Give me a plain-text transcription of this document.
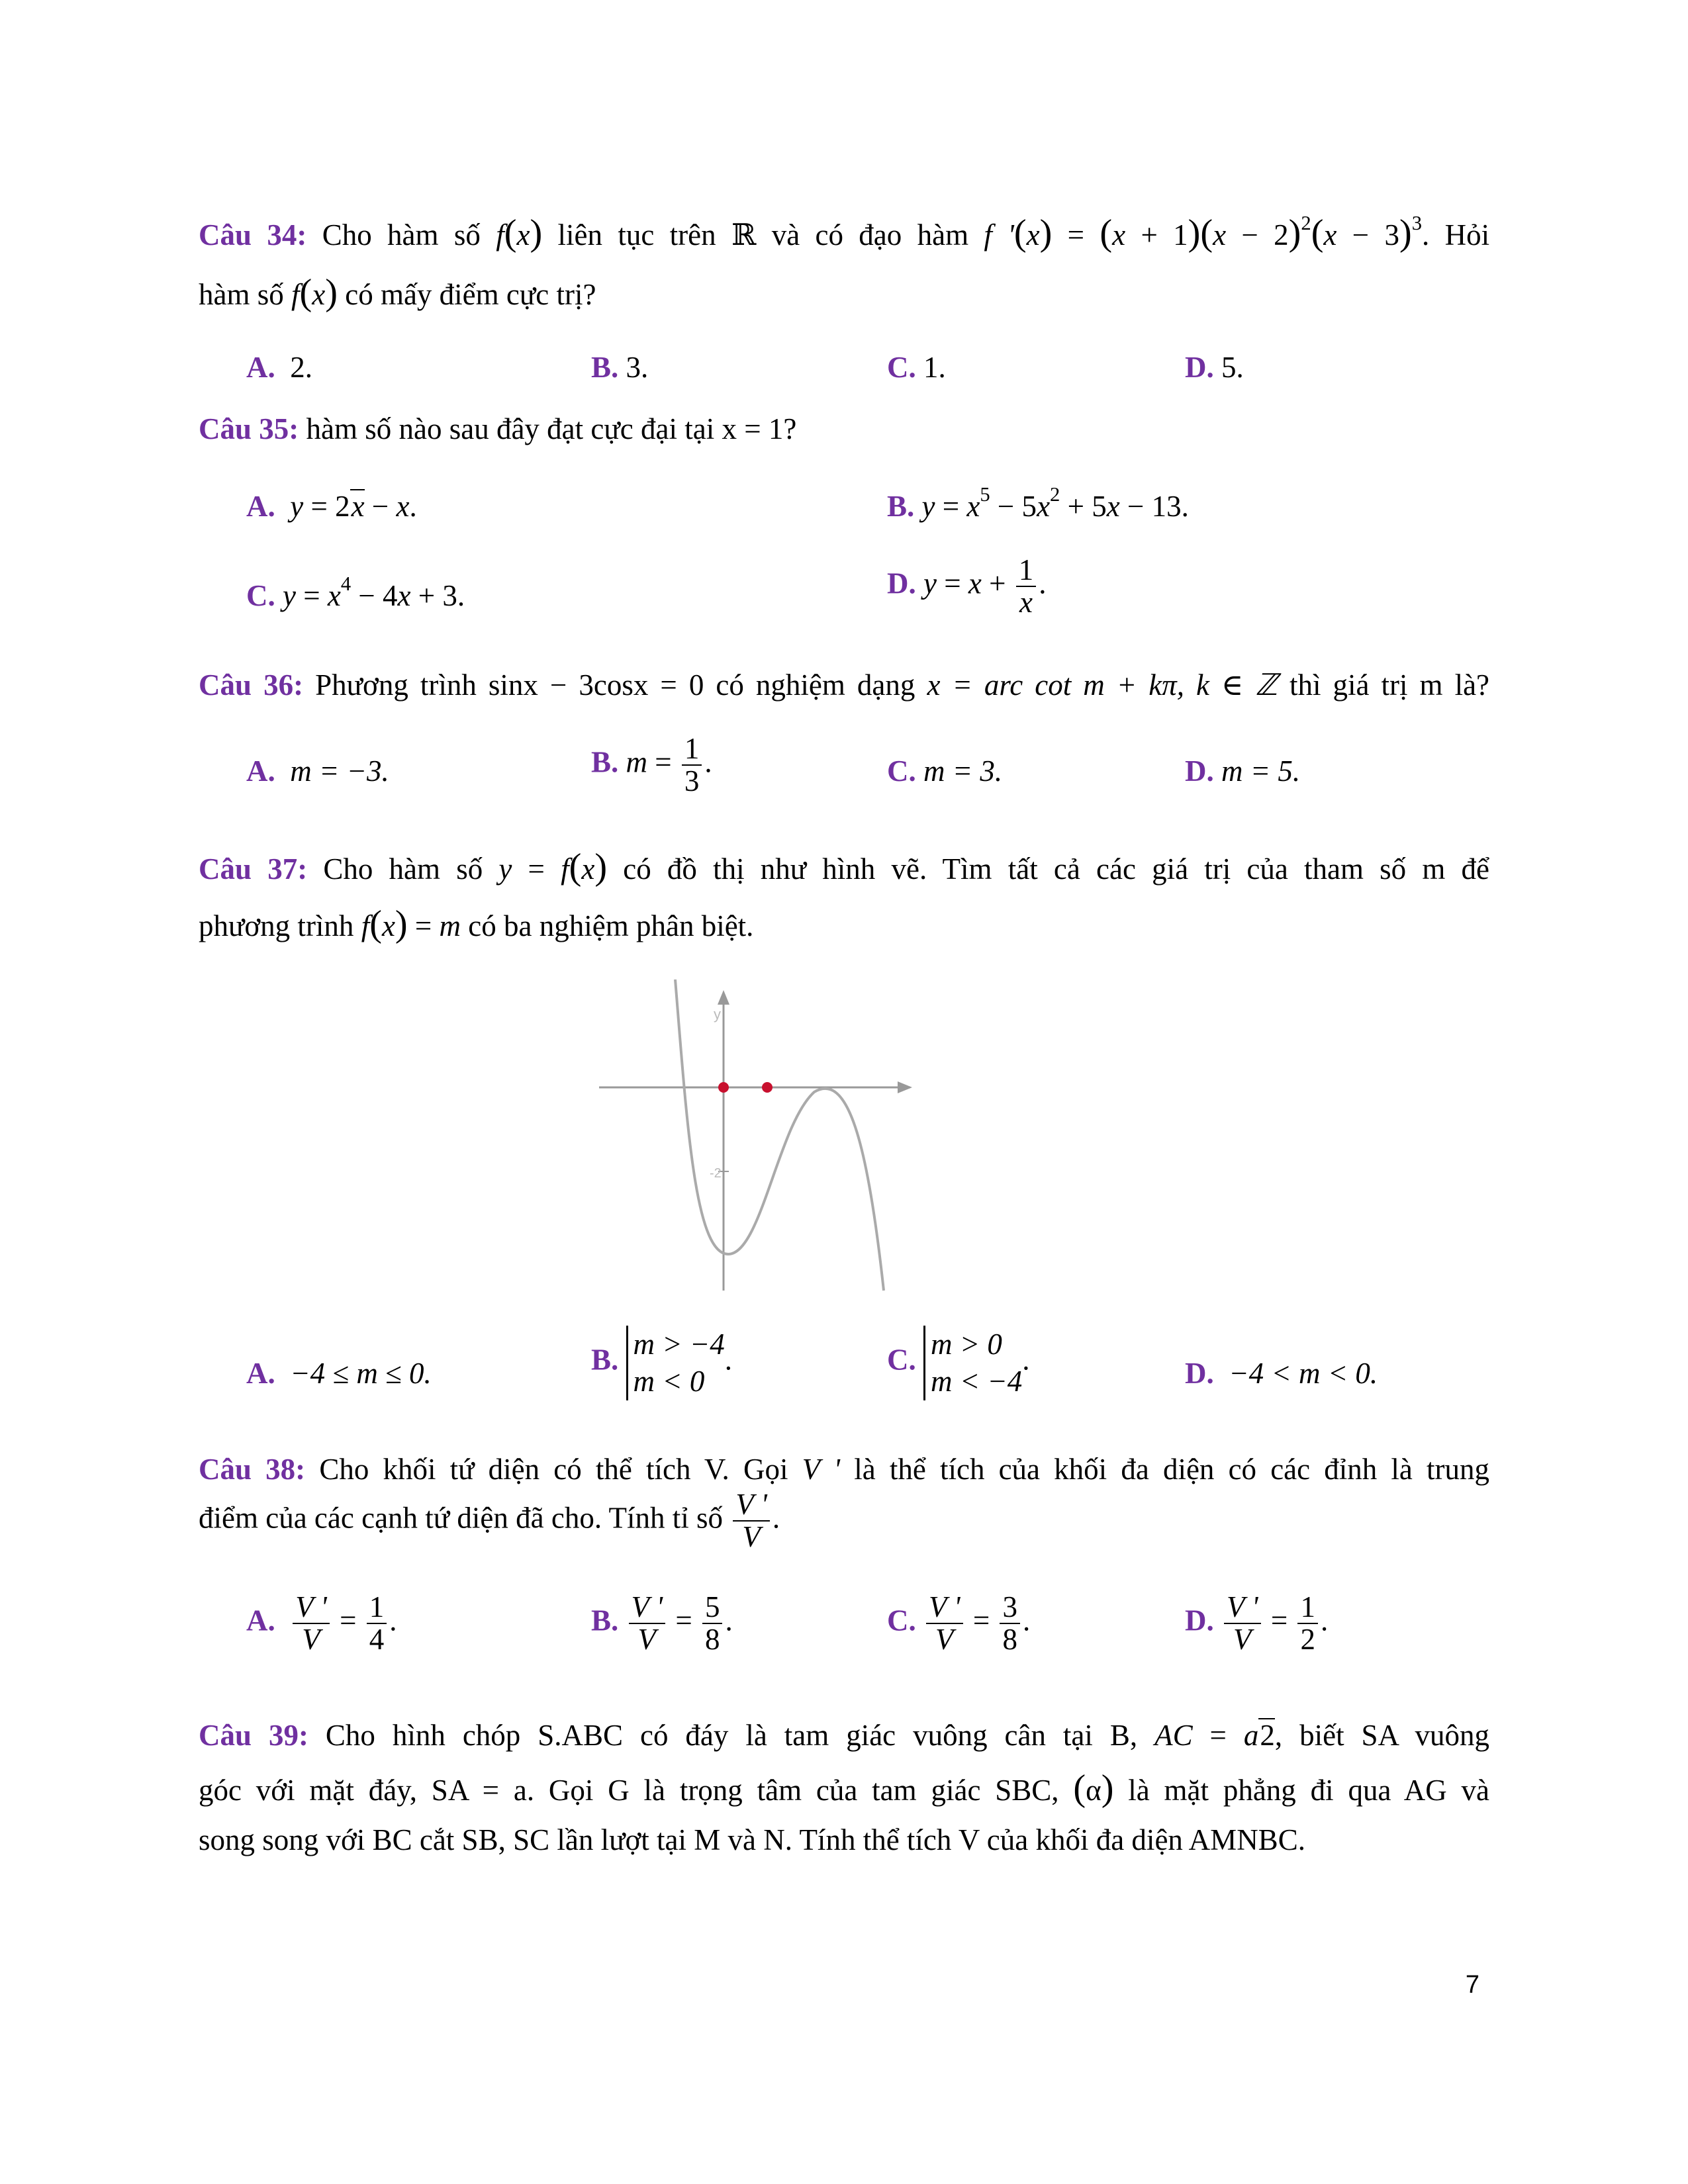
Câu 34: Cho hàm số f(x) liên tục trên ℝ và có đạo hàm f '$(x) = (x + 1)(x - 2)^2(x - 3)^3$. Hỏi
hàm số f(x) có mấy điểm cực trị?
A. 2.	B. 3.	C. 1.	D. 5.
Câu 35: hàm số nào sau đây đạt cực đại tại x = 1?
A. y = 2x − x.	B. $y = x^5 - 5x^2 + 5x - 13$.
C. $y = x^4 - 4x + 3$.	D. $y = x + \frac{1}{x}$ .
Câu 36: Phương trình sinx − 3cosx = 0 có nghiệm dạng x = arc cot m + kπ, k ∈ ℤ thì giá trị m là?
A. m = −3.	B. $m = \frac{1}{3}$ .	C. m = 3.	D. m = 5.
Câu 37: Cho hàm số y = f(x) có đồ thị như hình vẽ. Tìm tất cả các giá trị của tham số m để
phương trình f(x) = m có ba nghiệm phân biệt.
y
-2
A. −4 ≤ m ≤ 0.	B. m > −4
m < 0
.	C. m > 0
m < −4
.	D. −4 < m < 0.
Câu 38: Cho khối tứ diện có thể tích V. Gọi V ' là thể tích của khối đa diện có các đỉnh là trung
điểm của các cạnh tứ diện đã cho. Tính tỉ số $\frac{V '}{V}$ .
A. $\frac{V '}{V} = \frac{1}{4}$ .	B. $\frac{V '}{V} = \frac{5}{8}$ .	C. $\frac{V '}{V} = \frac{3}{8}$ .	D. $\frac{V '}{V} = \frac{1}{2}$ .
Câu 39: Cho hình chóp S.ABC có đáy là tam giác vuông cân tại B, AC = a2, biết SA vuông
góc với mặt đáy, SA = a. Gọi G là trọng tâm của tam giác SBC, (α) là mặt phẳng đi qua AG và
song song với BC cắt SB, SC lần lượt tại M và N. Tính thể tích V của khối đa diện AMNBC.
7
